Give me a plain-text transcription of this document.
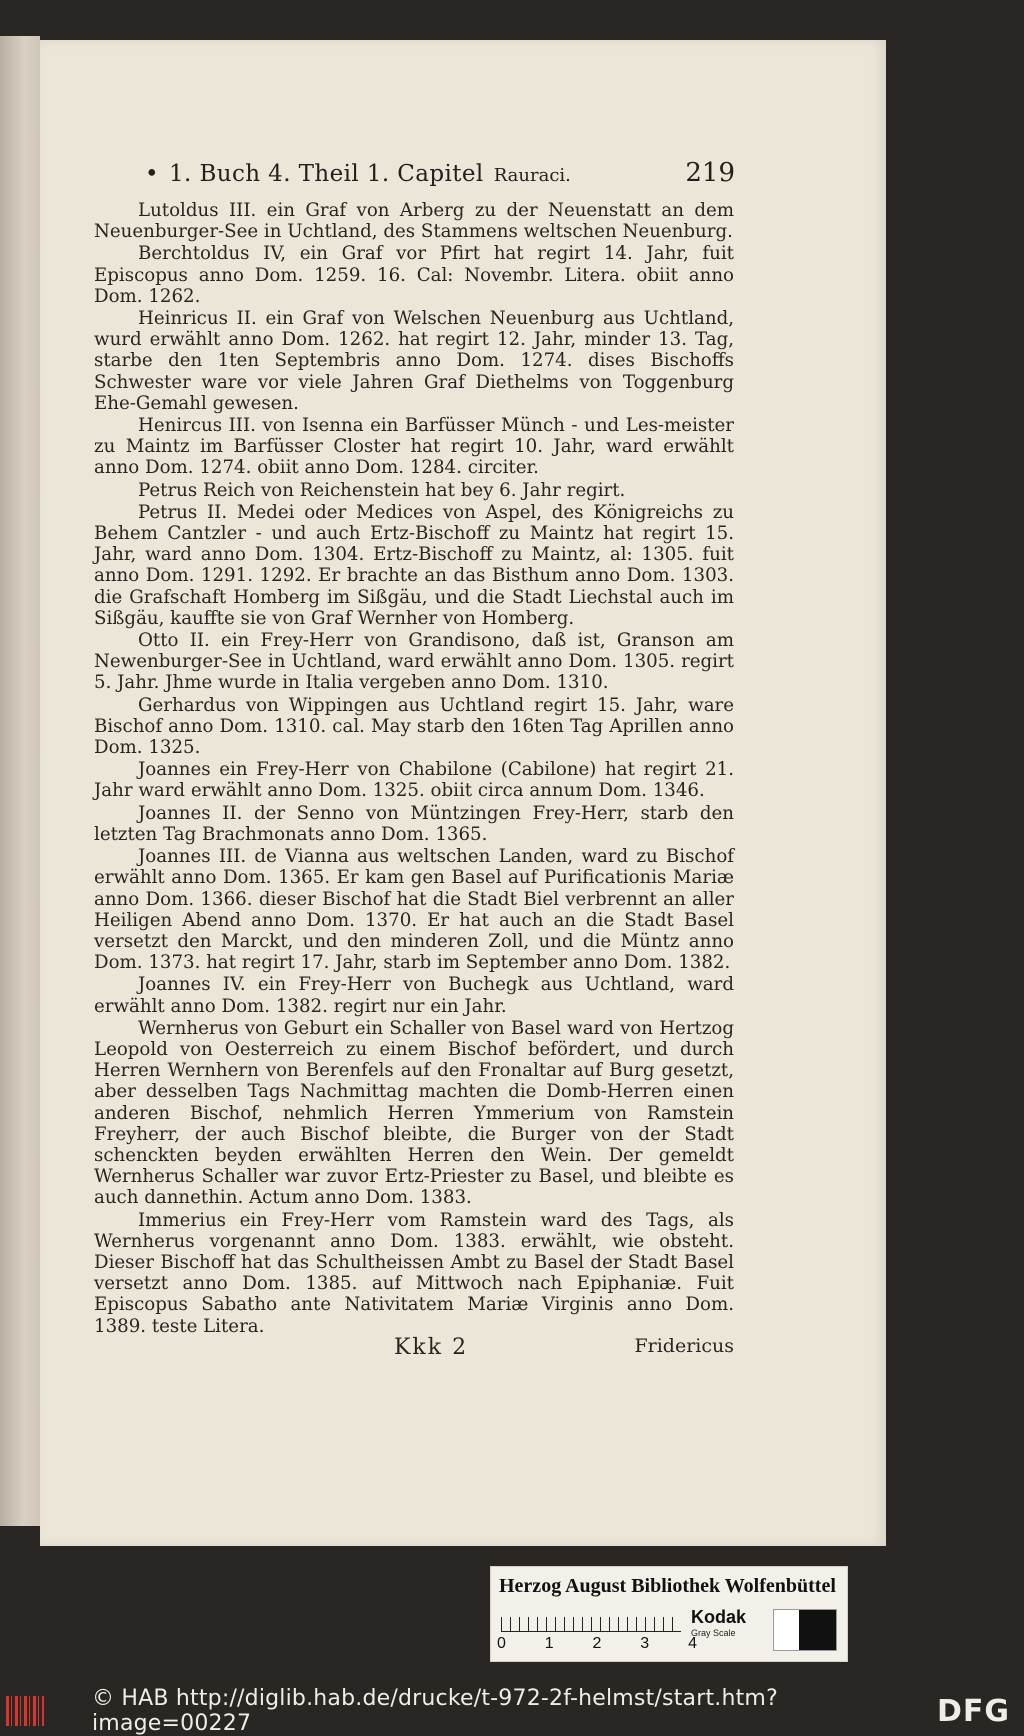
• 1. Buch 4. Theil 1. Capitel Rauraci.	219

Lutoldus III. ein Graf von Arberg zu der Neuenstatt an dem Neuenburger-See in Uchtland, des Stammens weltschen Neuenburg.

Berchtoldus IV, ein Graf vor Pfirt hat regirt 14. Jahr, fuit Episcopus anno Dom. 1259. 16. Cal: Novembr. Litera. obiit anno Dom. 1262.

Heinricus II. ein Graf von Welschen Neuenburg aus Uchtland, wurd erwählt anno Dom. 1262. hat regirt 12. Jahr, minder 13. Tag, starbe den 1ten Septembris anno Dom. 1274. dises Bischoffs Schwester ware vor viele Jahren Graf Diethelms von Toggenburg Ehe-Gemahl gewesen.

Henircus III. von Isenna ein Barfüsser Münch - und Les-meister zu Maintz im Barfüsser Closter hat regirt 10. Jahr, ward erwählt anno Dom. 1274. obiit anno Dom. 1284. circiter.

Petrus Reich von Reichenstein hat bey 6. Jahr regirt.

Petrus II. Medei oder Medices von Aspel, des Königreichs zu Behem Cantzler - und auch Ertz-Bischoff zu Maintz hat regirt 15. Jahr, ward anno Dom. 1304. Ertz-Bischoff zu Maintz, al: 1305. fuit anno Dom. 1291. 1292. Er brachte an das Bisthum anno Dom. 1303. die Grafschaft Homberg im Sißgäu, und die Stadt Liechstal auch im Sißgäu, kauffte sie von Graf Wernher von Homberg.

Otto II. ein Frey-Herr von Grandisono, daß ist, Granson am Newenburger-See in Uchtland, ward erwählt anno Dom. 1305. regirt 5. Jahr. Jhme wurde in Italia vergeben anno Dom. 1310.

Gerhardus von Wippingen aus Uchtland regirt 15. Jahr, ware Bischof anno Dom. 1310. cal. May starb den 16ten Tag Aprillen anno Dom. 1325.

Joannes ein Frey-Herr von Chabilone (Cabilone) hat regirt 21. Jahr ward erwählt anno Dom. 1325. obiit circa annum Dom. 1346.

Joannes II. der Senno von Müntzingen Frey-Herr, starb den letzten Tag Brachmonats anno Dom. 1365.

Joannes III. de Vianna aus weltschen Landen, ward zu Bischof erwählt anno Dom. 1365. Er kam gen Basel auf Purificationis Mariæ anno Dom. 1366. dieser Bischof hat die Stadt Biel verbrennt an aller Heiligen Abend anno Dom. 1370. Er hat auch an die Stadt Basel versetzt den Marckt, und den minderen Zoll, und die Müntz anno Dom. 1373. hat regirt 17. Jahr, starb im September anno Dom. 1382.

Joannes IV. ein Frey-Herr von Buchegk aus Uchtland, ward erwählt anno Dom. 1382. regirt nur ein Jahr.

Wernherus von Geburt ein Schaller von Basel ward von Hertzog Leopold von Oesterreich zu einem Bischof befördert, und durch Herren Wernhern von Berenfels auf den Fronaltar auf Burg gesetzt, aber desselben Tags Nachmittag machten die Domb-Herren einen anderen Bischof, nehmlich Herren Ymmerium von Ramstein Freyherr, der auch Bischof bleibte, die Burger von der Stadt schenckten beyden erwählten Herren den Wein. Der gemeldt Wernherus Schaller war zuvor Ertz-Priester zu Basel, und bleibte es auch dannethin. Actum anno Dom. 1383.

Immerius ein Frey-Herr vom Ramstein ward des Tags, als Wernherus vorgenannt anno Dom. 1383. erwählt, wie obsteht. Dieser Bischoff hat das Schultheissen Ambt zu Basel der Stadt Basel versetzt anno Dom. 1385. auf Mittwoch nach Epiphaniæ. Fuit Episcopus Sabatho ante Nativitatem Mariæ Virginis anno Dom. 1389. teste Litera.

Kkk 2	Fridericus
Herzog August Bibliothek Wolfenbüttel
0 1 2 3 4
Kodak
Gray Scale
© HAB http://diglib.hab.de/drucke/t-972-2f-helmst/start.htm?image=00227	DFG
